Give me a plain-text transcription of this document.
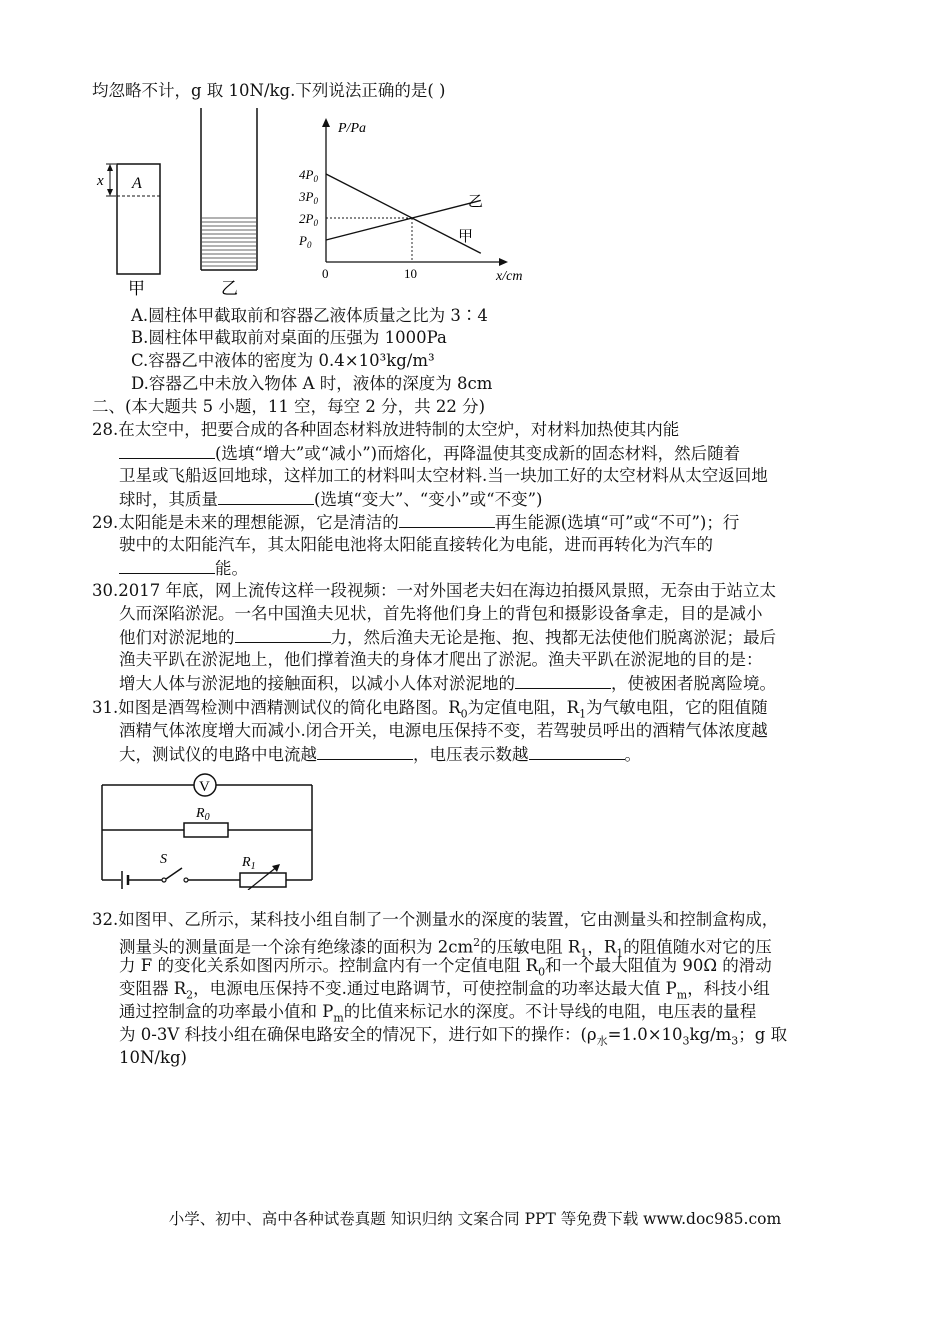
均忽略不计，g 取 10N/kg.下列说法正确的是( )
x A
甲	乙
P/Pa
x/cm
$4P_0$
$3P_0$
$2P_0$
$P_0$
0	10
乙
甲
A.圆柱体甲截取前和容器乙液体质量之比为 3∶4
B.圆柱体甲截取前对桌面的压强为 1000Pa
C.容器乙中液体的密度为 0.4×10³kg/m³
D.容器乙中未放入物体 A 时，液体的深度为 8cm
二、(本大题共 5 小题，11 空，每空 2 分，共 22 分)
28.在太空中，把要合成的各种固态材料放进特制的太空炉，对材料加热使其内能
(选填“增大”或“减小”)而熔化，再降温使其变成新的固态材料，然后随着
卫星或飞船返回地球，这样加工的材料叫太空材料.当一块加工好的太空材料从太空返回地
球时，其质量	(选填“变大”、“变小”或“不变”)
29.太阳能是未来的理想能源，它是清洁的	再生能源(选填“可”或“不可”)；行
驶中的太阳能汽车，其太阳能电池将太阳能直接转化为电能，进而再转化为汽车的
能。
30.2017 年底，网上流传这样一段视频：一对外国老夫妇在海边拍摄风景照，无奈由于站立太
久而深陷淤泥。一名中国渔夫见状，首先将他们身上的背包和摄影设备拿走，目的是减小
他们对淤泥地的	力，然后渔夫无论是拖、抱、拽都无法使他们脱离淤泥；最后
渔夫平趴在淤泥地上，他们撑着渔夫的身体才爬出了淤泥。渔夫平趴在淤泥地的目的是：
增大人体与淤泥地的接触面积，以减小人体对淤泥地的	，使被困者脱离险境。
31.如图是酒驾检测中酒精测试仪的简化电路图。$R_0$为定值电阻，$R_1$为气敏电阻，它的阻值随
酒精气体浓度增大而减小.闭合开关，电源电压保持不变，若驾驶员呼出的酒精气体浓度越
大，测试仪的电路中电流越	，电压表示数越	。
V
$R_0$
S	$R_1$
32.如图甲、乙所示，某科技小组自制了一个测量水的深度的装置，它由测量头和控制盒构成，
测量头的测量面是一个涂有绝缘漆的面积为 $2cm^2$的压敏电阻 $R_1$，$R_1$的阻值随水对它的压
力 F 的变化关系如图丙所示。控制盒内有一个定值电阻 $R_0$和一个最大阻值为 90Ω 的滑动
变阻器 $R_2$，电源电压保持不变.通过电路调节，可使控制盒的功率达最大值 $P_m$，科技小组
通过控制盒的功率最小值和 $P_m$的比值来标记水的深度。不计导线的电阻，电压表的量程
为 0-3V 科技小组在确保电路安全的情况下，进行如下的操作：($\rho_水=1.0\times 10_3kg/m_3$；g 取
10N/kg)
小学、初中、高中各种试卷真题 知识归纳 文案合同 PPT 等免费下载 www.doc985.com
